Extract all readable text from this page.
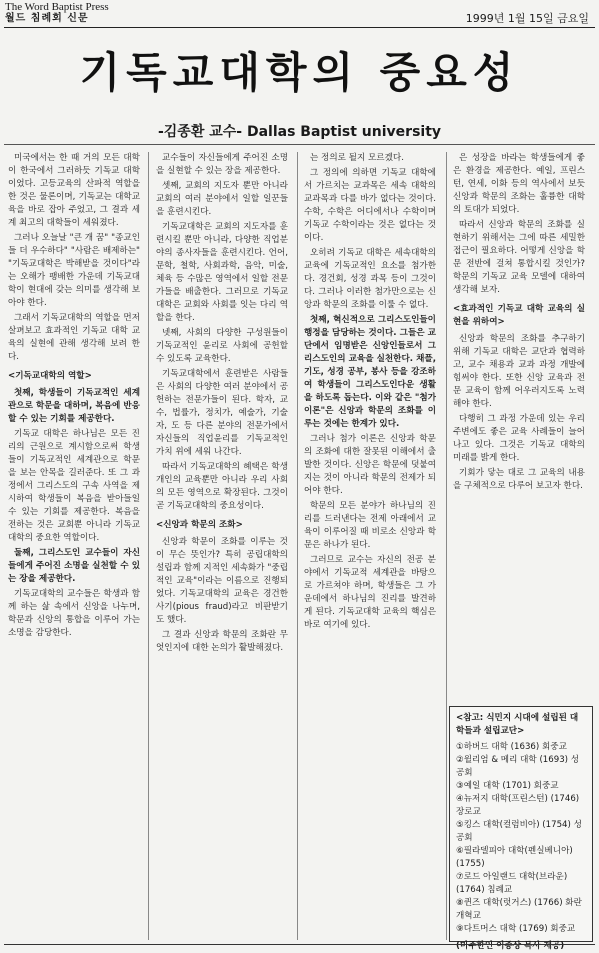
The Word Baptist Press
월드 침례회 신문	1999년 1월 15일 금요일
기독교대학의 중요성
-김종환 교수- Dallas Baptist university

미국에서는 한 때 거의 모든 대학이 한국에서 그러하듯 기독교 대학이었다. 고등교육의 산파적 역할을 한 것은 물론이며, 기독교는 대학교육을 바로 잡아 주었고, 그 결과 세계 최고의 대학들이 세워졌다.

그러나 오늘날 "큰 개 꿈" "종교인들 더 우수하다" "사람은 배제하는" "기독교대학은 박해받을 것이다"라는 오해가 팽배한 가운데 기독교대학이 현대에 갖는 의미를 생각해 보아야 한다.

그래서 기독교대학의 역할을 먼저 살펴보고 효과적인 기독교 대학 교육의 실현에 관해 생각해 보려 한다.

<기독교대학의 역할>

첫째, 학생들이 기독교적인 세계관으로 학문을 대하며, 복음에 반응할 수 있는 기회를 제공한다.

기독교 대학은 하나님은 모든 진리의 근원으로 계시함으로써 학생들이 기독교적인 세계관으로 학문을 보는 안목을 길러준다. 또 그 과정에서 그리스도의 구속 사역을 제시하여 학생들이 복음을 받아들일 수 있는 기회를 제공한다. 복음을 전하는 것은 교회뿐 아니라 기독교대학의 중요한 역할이다.

둘째, 그리스도인 교수들이 자신들에게 주어진 소명을 실천할 수 있는 장을 제공한다.

기독교대학의 교수들은 학생과 함께 하는 삶 속에서 신앙을 나누며, 학문과 신앙의 통합을 이루어 가는 소명을 감당한다.

교수들이 자신들에게 주어진 소명을 실현할 수 있는 장을 제공한다.

셋째, 교회의 지도자 뿐만 아니라 교회의 여러 분야에서 일할 일꾼들을 훈련시킨다.

기독교대학은 교회의 지도자를 훈련시킬 뿐만 아니라, 다양한 직업분야의 종사자들을 훈련시킨다. 언어, 문학, 철학, 사회과학, 음악, 미술, 체육 등 수많은 영역에서 일할 전문가들을 배출한다. 그러므로 기독교대학은 교회와 사회를 잇는 다리 역할을 한다.

넷째, 사회의 다양한 구성원들이 기독교적인 윤리로 사회에 공헌할 수 있도록 교육한다.

기독교대학에서 훈련받은 사람들은 사회의 다양한 여러 분야에서 공헌하는 전문가들이 된다. 학자, 교수, 법률가, 정치가, 예술가, 기술자, 도 등 다른 분야의 전문가에서 자신들의 직업윤리를 기독교적인 가치 위에 세워 나간다.

따라서 기독교대학의 혜택은 학생 개인의 교육뿐만 아니라 우리 사회의 모든 영역으로 확장된다. 그것이 곧 기독교대학의 중요성이다.

<신앙과 학문의 조화>

신앙과 학문이 조화를 이루는 것이 무슨 뜻인가? 특히 공립대학의 설립과 함께 지적인 세속화가 "중립적인 교육"이라는 이름으로 진행되었다. 기독교대학의 교육은 경건한 사기(pious fraud)라고 비판받기도 했다.

그 결과 신앙과 학문의 조화란 무엇인지에 대한 논의가 활발해졌다.

는 정의로 될지 모르겠다.

그 정의에 의하면 기독교 대학에서 가르치는 교과목은 세속 대학의 교과목과 다를 바가 없다는 것이다. 수학, 수학은 어디에서나 수학이며 기독교 수학이라는 것은 없다는 것이다.

오히려 기독교 대학은 세속대학의 교육에 기독교적인 요소를 첨가한다. 경건회, 성경 과목 등이 그것이다. 그러나 이러한 첨가만으로는 신앙과 학문의 조화를 이룰 수 없다.

첫째, 혁신적으로 그리스도인들이 행정을 담당하는 것이다. 그들은 교단에서 임명받은 신앙인들로서 그리스도인의 교육을 실천한다. 채플, 기도, 성경 공부, 봉사 등을 강조하여 학생들이 그리스도인다운 생활을 하도록 돕는다. 이와 같은 "첨가 이론"은 신앙과 학문의 조화를 이루는 것에는 한계가 있다.

그러나 첨가 이론은 신앙과 학문의 조화에 대한 잘못된 이해에서 출발한 것이다. 신앙은 학문에 덧붙여지는 것이 아니라 학문의 전제가 되어야 한다.

학문의 모든 분야가 하나님의 진리를 드러낸다는 전제 아래에서 교육이 이루어질 때 비로소 신앙과 학문은 하나가 된다.

그러므로 교수는 자신의 전공 분야에서 기독교적 세계관을 바탕으로 가르쳐야 하며, 학생들은 그 가운데에서 하나님의 진리를 발견하게 된다. 기독교대학 교육의 핵심은 바로 여기에 있다.

은 성장을 바라는 학생들에게 좋은 환경을 제공한다. 예일, 프린스턴, 연세, 이화 등의 역사에서 보듯 신앙과 학문의 조화는 훌륭한 대학의 토대가 되었다.

따라서 신앙과 학문의 조화를 실현하기 위해서는 그에 따른 세밀한 접근이 필요하다. 어떻게 신앙을 학문 전반에 걸쳐 통합시킬 것인가? 학문의 기독교 교육 모델에 대하여 생각해 보자.

<효과적인 기독교 대학 교육의 실현을 위하여>

신앙과 학문의 조화를 추구하기 위해 기독교 대학은 교단과 협력하고, 교수 채용과 교과 과정 개발에 힘써야 한다. 또한 신앙 교육과 전문 교육이 함께 어우러지도록 노력해야 한다.

다행히 그 과정 가운데 있는 우리 주변에도 좋은 교육 사례들이 늘어나고 있다. 그것은 기독교 대학의 미래를 밝게 한다.

기회가 닿는 대로 그 교육의 내용을 구체적으로 다루어 보고자 한다.

<참고: 식민지 시대에 설립된 대학들과 설립교단>
①하버드 대학 (1636) 회중교
②윌리엄 & 메리 대학 (1693) 성공회
③예일 대학 (1701) 회중교
④뉴저지 대학(프린스턴) (1746) 장로교
⑤킹스 대학(컬럼비아) (1754) 성공회
⑥필라델피아 대학(펜실베니아) (1755)
⑦로드 아일랜드 대학(브라운) (1764) 침례교
⑧퀸즈 대학(럿거스) (1766) 화란개혁교
⑨다트머스 대학 (1769) 회중교
(미주한인 이종상 목사 제공)
